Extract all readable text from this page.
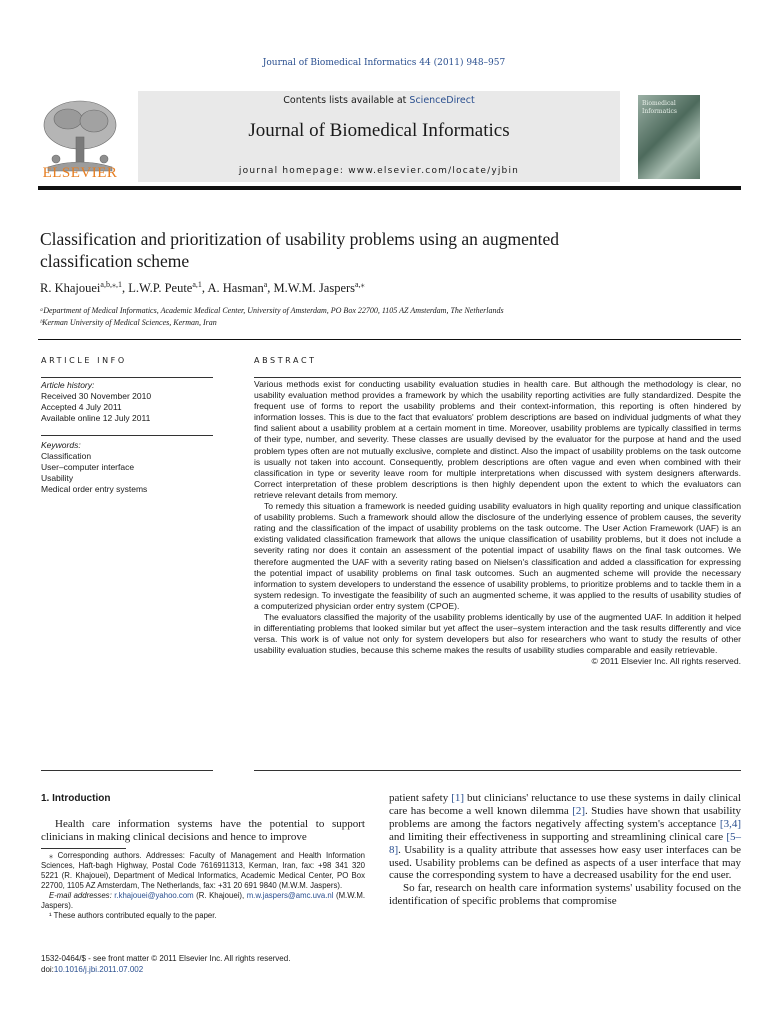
Journal of Biomedical Informatics 44 (2011) 948–957
ELSEVIER
Contents lists available at ScienceDirect
Journal of Biomedical Informatics
journal homepage: www.elsevier.com/locate/yjbin
Biomedical Informatics
Classification and prioritization of usability problems using an augmented
classification scheme
R. Khajouei$^{a,b,⁎,1}$, L.W.P. Peute$^{a,1}$, A. Hasman$^a$, M.W.M. Jaspers$^{a,⁎}$
ᵃDepartment of Medical Informatics, Academic Medical Center, University of Amsterdam, PO Box 22700, 1105 AZ Amsterdam, The Netherlands
ᵇKerman University of Medical Sciences, Kerman, Iran
ARTICLE INFO	ABSTRACT
Article history:
Received 30 November 2010
Accepted 4 July 2011
Available online 12 July 2011
Keywords:
Classification
User–computer interface
Usability
Medical order entry systems

Various methods exist for conducting usability evaluation studies in health care. But although the methodology is clear, no usability evaluation method provides a framework by which the usability reporting activities are fully standardized. Despite the frequent use of forms to report the usability problems and their context-information, this reporting is often hindered by information losses. This is due to the fact that evaluators' problem descriptions are based on individual judgments of what they find salient about a usability problem at a certain moment in time. Moreover, usability problems are typically classified in terms of their type, number, and severity. These classes are usually devised by the evaluator for the purpose at hand and the used problem types often are not mutually exclusive, complete and distinct. Also the impact of usability problems on the task outcome is usually not taken into account. Consequently, problem descriptions are often vague and even when combined with their classification in type or severity leave room for multiple interpretations when discussed with system designers afterwards. Correct interpretation of these problem descriptions is then highly dependent upon the extent to which the evaluators can retrieve relevant details from memory.

To remedy this situation a framework is needed guiding usability evaluators in high quality reporting and unique classification of usability problems. Such a framework should allow the disclosure of the underlying essence of problem causes, the severity rating and the classification of the impact of usability problems on the task outcome. The User Action Framework (UAF) is an existing validated classification framework that allows the unique classification of usability problems, but it does not include a severity rating nor does it contain an assessment of the potential impact of usability flaws on the final task outcomes. We therefore augmented the UAF with a severity rating based on Nielsen's classification and added a classification for expressing the potential impact of usability problems on final task outcomes. Such an augmented scheme will provide the necessary information to system developers to understand the essence of usability problems, to prioritize problems and to tackle them in a system redesign. To investigate the feasibility of such an augmented scheme, it was applied to the results of usability studies of a computerized physician order entry system (CPOE).

The evaluators classified the majority of the usability problems identically by use of the augmented UAF. In addition it helped in differentiating problems that looked similar but yet affect the user–system interaction and the task results differently and vice versa. This work is of value not only for system developers but also for researchers who want to study the results of other usability evaluation studies, because this scheme makes the results of usability studies comparable and easily retrievable.

© 2011 Elsevier Inc. All rights reserved.
1. Introduction

Health care information systems have the potential to support clinicians in making clinical decisions and hence to improve

⁎ Corresponding authors. Addresses: Faculty of Management and Health Information Sciences, Haft-bagh Highway, Postal Code 7616911313, Kerman, Iran, fax: +98 341 320 5221 (R. Khajouei), Department of Medical Informatics, Academic Medical Center, PO Box 22700, 1105 AZ Amsterdam, The Netherlands, fax: +31 20 691 9840 (M.W.M. Jaspers).

E-mail addresses: r.khajouei@yahoo.com (R. Khajouei), m.w.jaspers@amc.uva.nl (M.W.M. Jaspers).

¹ These authors contributed equally to the paper.

patient safety [1] but clinicians' reluctance to use these systems in daily clinical care has become a well known dilemma [2]. Studies have shown that usability problems are among the factors negatively affecting system's acceptance [3,4] and limiting their effectiveness in supporting and streamlining clinical care [5–8]. Usability is a quality attribute that assesses how easy user interfaces can be used. Usability problems can be defined as aspects of a user interface that may cause the corresponding system to have a decreased usability for the end user.

So far, research on health care information systems' usability focused on the identification of specific problems that compromise

1532-0464/$ - see front matter © 2011 Elsevier Inc. All rights reserved.
doi:10.1016/j.jbi.2011.07.002
